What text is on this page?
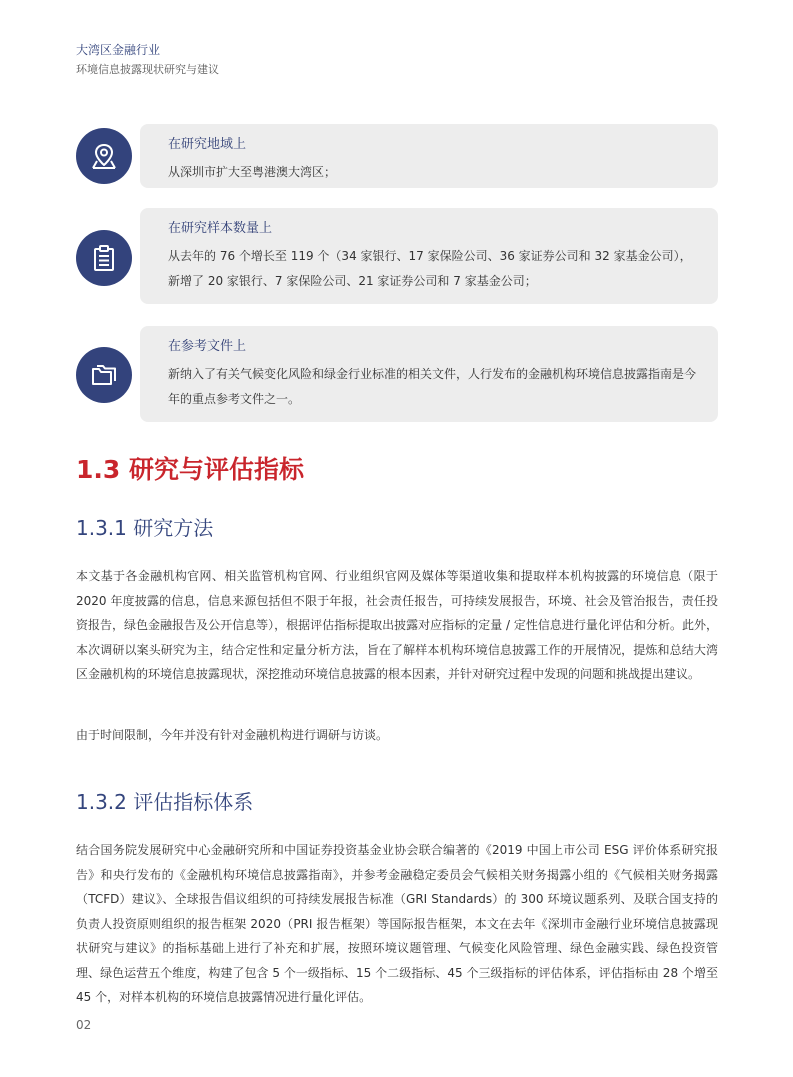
大湾区金融行业
环境信息披露现状研究与建议
在研究地域上
从深圳市扩大至粤港澳大湾区；
在研究样本数量上
从去年的 76 个增长至 119 个（34 家银行、17 家保险公司、36 家证券公司和 32 家基金公司），新增了 20 家银行、7 家保险公司、21 家证券公司和 7 家基金公司；
在参考文件上
新纳入了有关气候变化风险和绿金行业标准的相关文件，人行发布的金融机构环境信息披露指南是今年的重点参考文件之一。
1.3 研究与评估指标
1.3.1 研究方法
本文基于各金融机构官网、相关监管机构官网、行业组织官网及媒体等渠道收集和提取样本机构披露的环境信息（限于 2020 年度披露的信息，信息来源包括但不限于年报，社会责任报告，可持续发展报告，环境、社会及管治报告，责任投资报告，绿色金融报告及公开信息等），根据评估指标提取出披露对应指标的定量 / 定性信息进行量化评估和分析。此外，本次调研以案头研究为主，结合定性和定量分析方法，旨在了解样本机构环境信息披露工作的开展情况，提炼和总结大湾区金融机构的环境信息披露现状，深挖推动环境信息披露的根本因素，并针对研究过程中发现的问题和挑战提出建议。
由于时间限制，今年并没有针对金融机构进行调研与访谈。
1.3.2 评估指标体系
结合国务院发展研究中心金融研究所和中国证券投资基金业协会联合编著的《2019 中国上市公司 ESG 评价体系研究报告》和央行发布的《金融机构环境信息披露指南》，并参考金融稳定委员会气候相关财务揭露小组的《气候相关财务揭露（TCFD）建议》、全球报告倡议组织的可持续发展报告标准（GRI Standards）的 300 环境议题系列、及联合国支持的负责人投资原则组织的报告框架 2020（PRI 报告框架）等国际报告框架，本文在去年《深圳市金融行业环境信息披露现状研究与建议》的指标基础上进行了补充和扩展，按照环境议题管理、气候变化风险管理、绿色金融实践、绿色投资管理、绿色运营五个维度，构建了包含 5 个一级指标、15 个二级指标、45 个三级指标的评估体系，评估指标由 28 个增至 45 个，对样本机构的环境信息披露情况进行量化评估。
02
